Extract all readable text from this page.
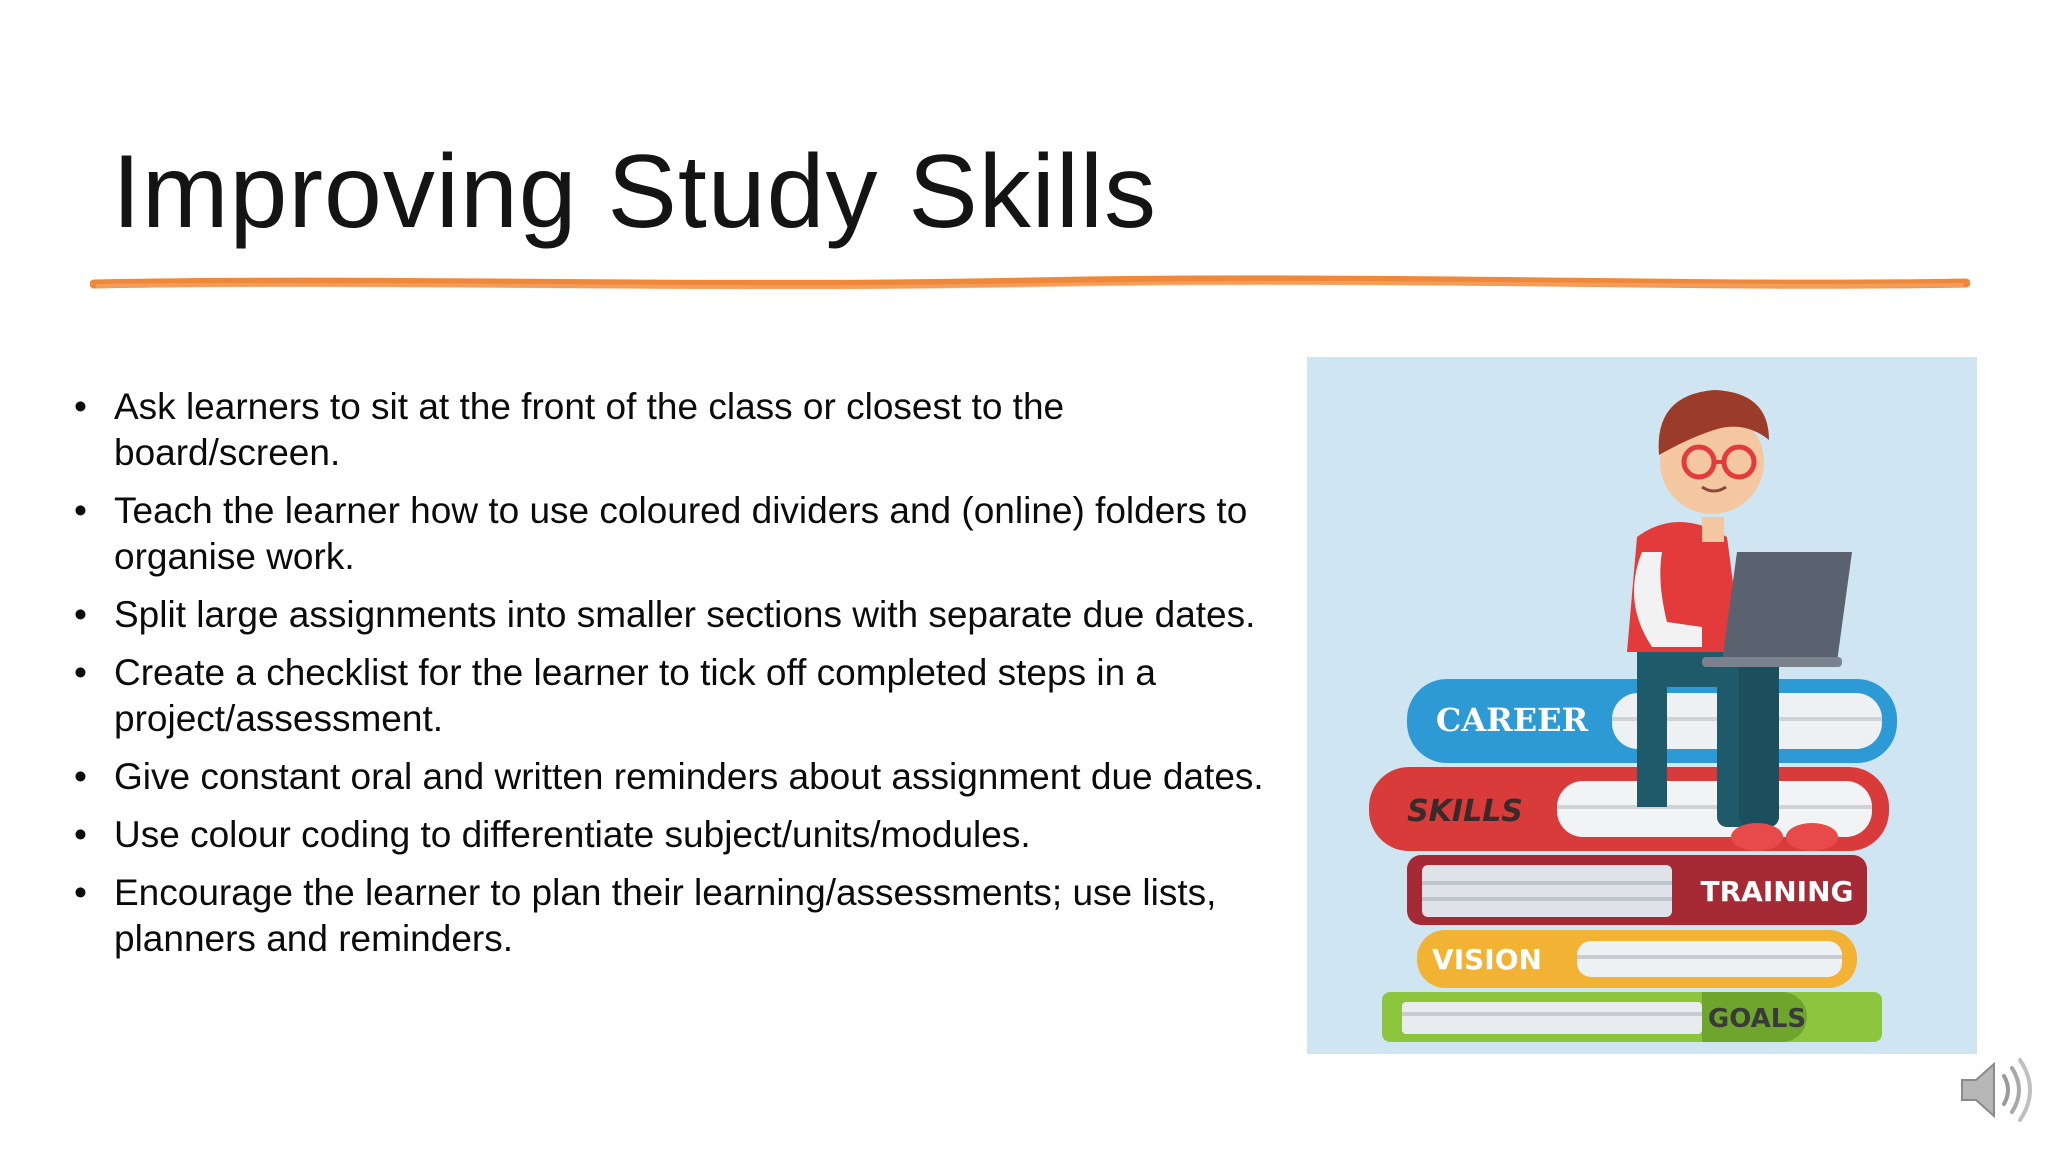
Improving Study Skills
• Ask learners to sit at the front of the class or closest to the board/screen.
• Teach the learner how to use coloured dividers and (online) folders to organise work.
• Split large assignments into smaller sections with separate due dates.
• Create a checklist for the learner to tick off completed steps in a project/assessment.
• Give constant oral and written reminders about assignment due dates.
• Use colour coding to differentiate subject/units/modules.
• Encourage the learner to plan their learning/assessments; use lists, planners and reminders.
GOALS
VISION
TRAINING
SKILLS
CAREER
